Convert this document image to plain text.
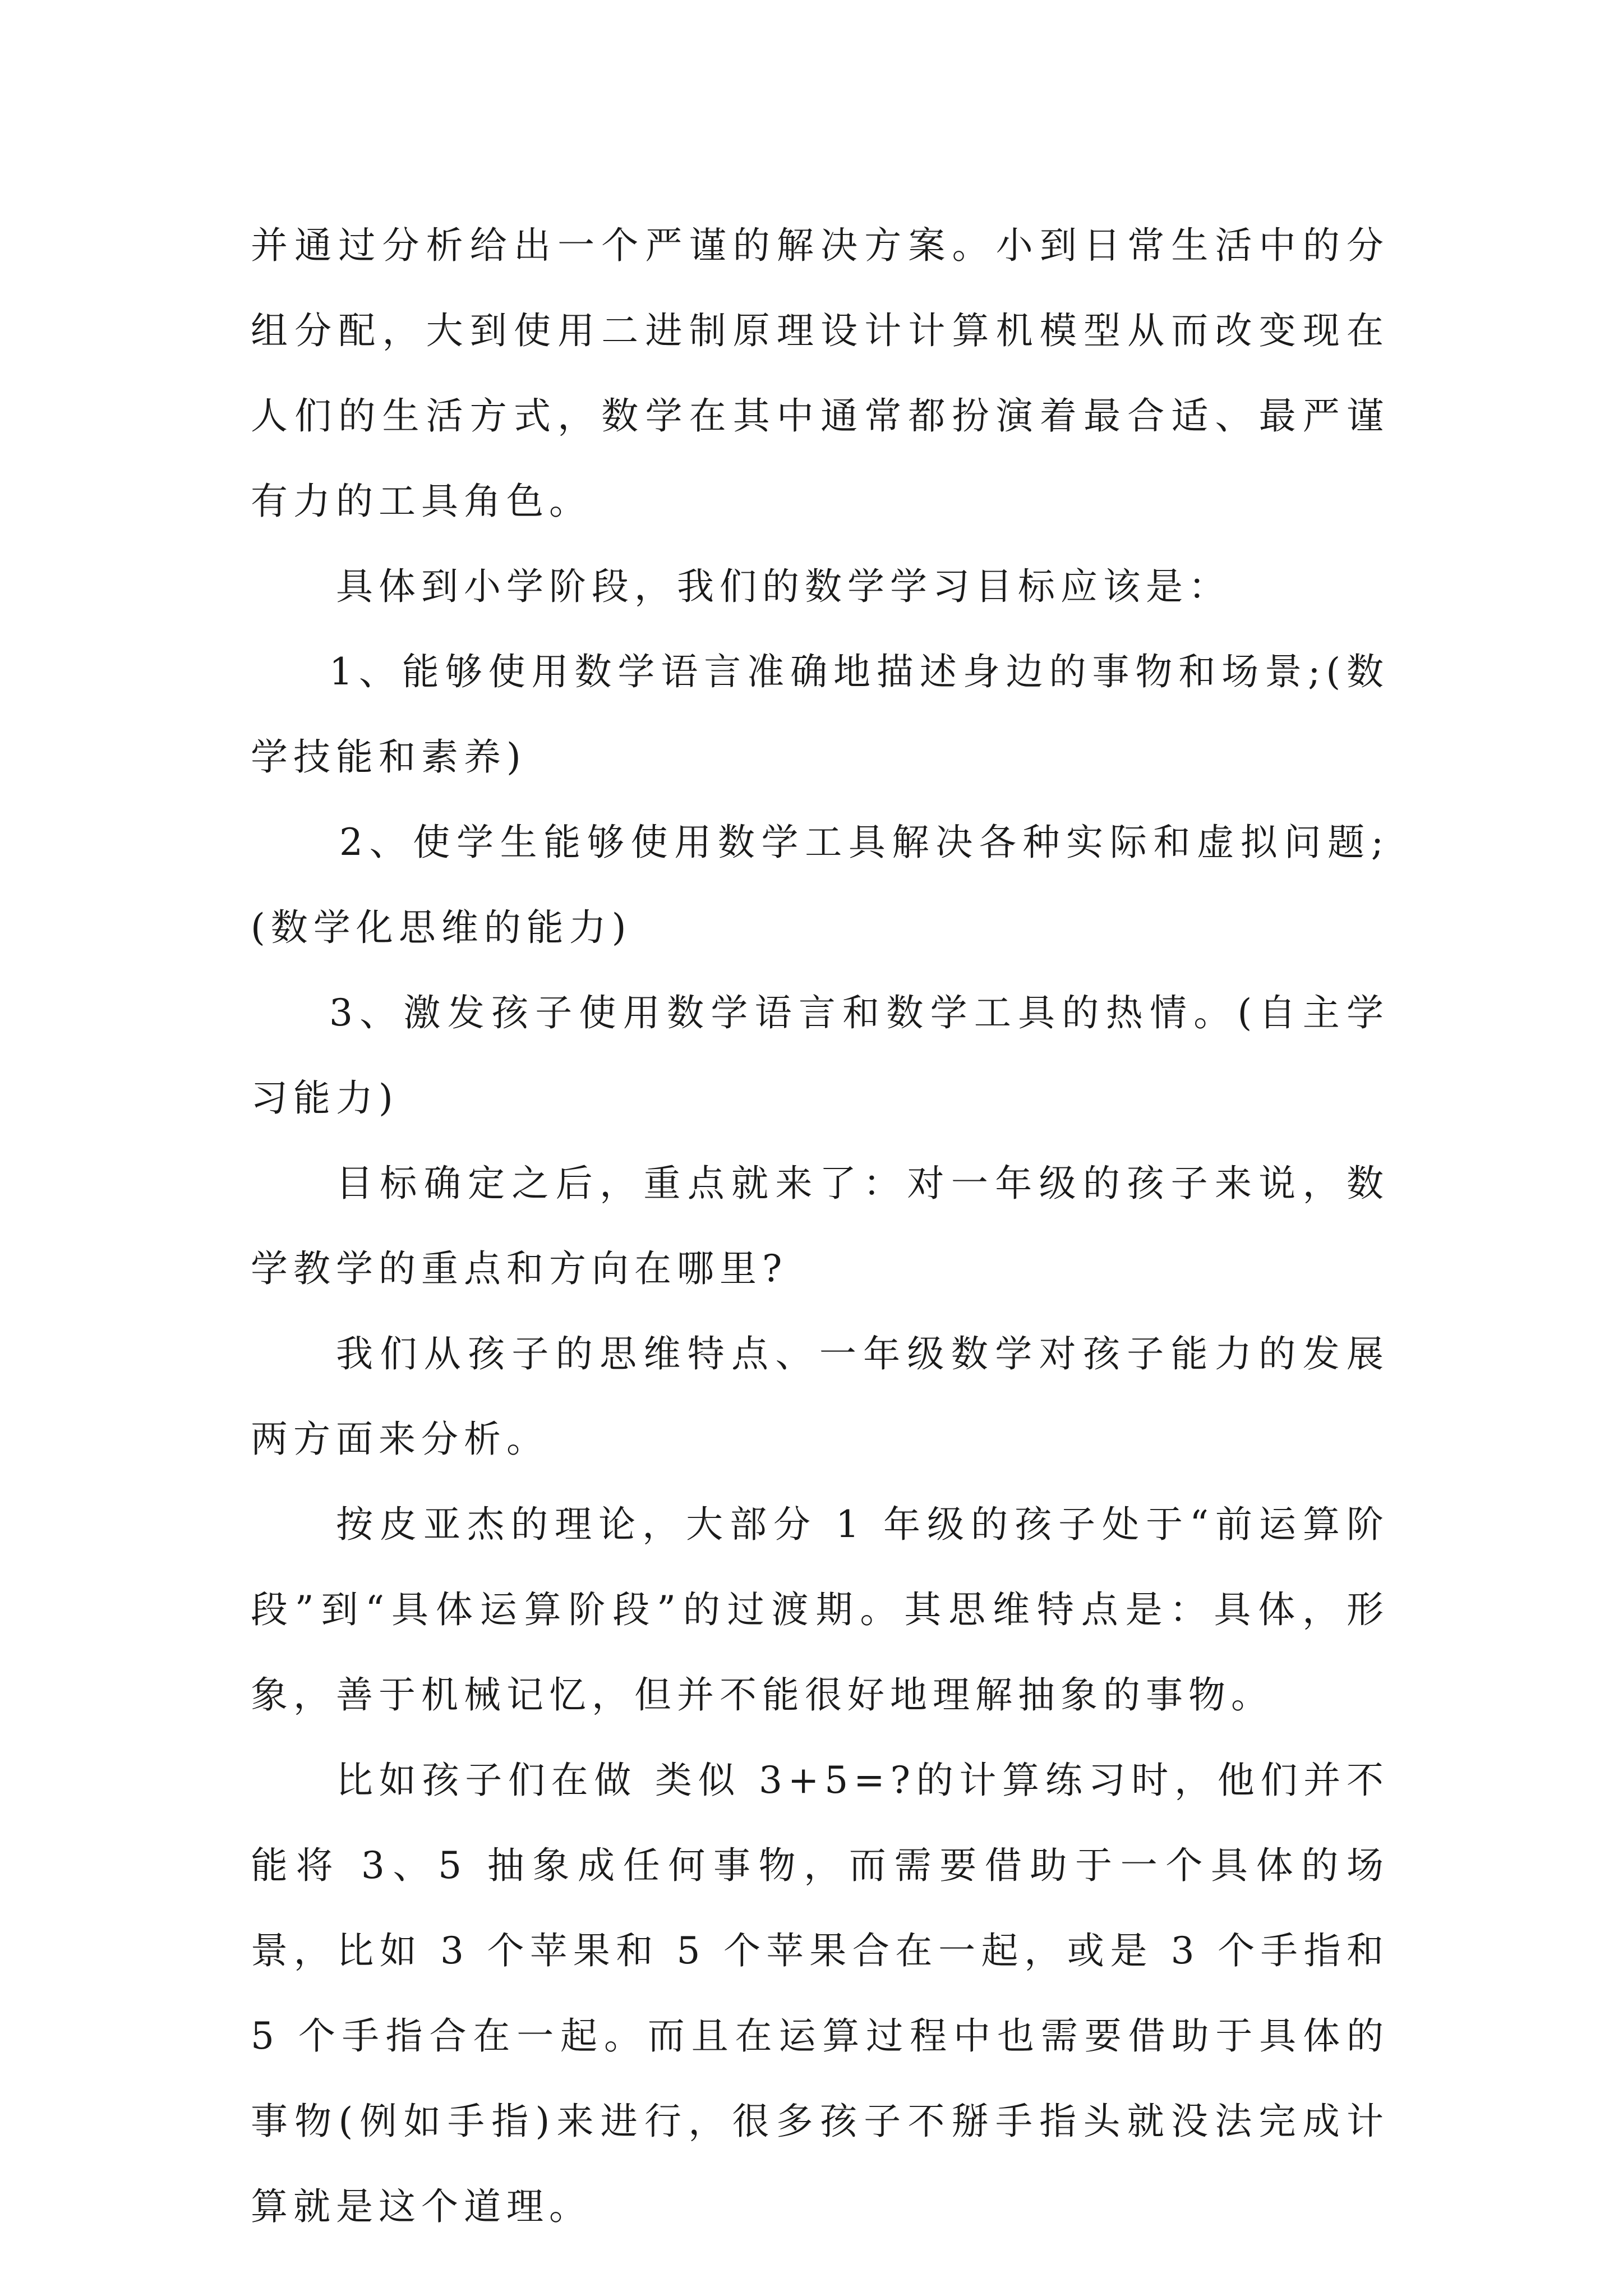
并通过分析给出一个严谨的解决方案。小到日常生活中的分组分配，大到使用二进制原理设计计算机模型从而改变现在人们的生活方式，数学在其中通常都扮演着最合适、最严谨有力的工具角色。

具体到小学阶段，我们的数学学习目标应该是：

1、能够使用数学语言准确地描述身边的事物和场景;(数学技能和素养)

2、使学生能够使用数学工具解决各种实际和虚拟问题;(数学化思维的能力)

3、激发孩子使用数学语言和数学工具的热情。(自主学习能力)

目标确定之后，重点就来了：对一年级的孩子来说，数学教学的重点和方向在哪里?

我们从孩子的思维特点、一年级数学对孩子能力的发展两方面来分析。

按皮亚杰的理论，大部分 1 年级的孩子处于“前运算阶段”到“具体运算阶段”的过渡期。其思维特点是：具体，形象，善于机械记忆，但并不能很好地理解抽象的事物。

比如孩子们在做 类似 3+5=?的计算练习时，他们并不能将 3、5 抽象成任何事物，而需要借助于一个具体的场景，比如 3 个苹果和 5 个苹果合在一起，或是 3 个手指和 5 个手指合在一起。而且在运算过程中也需要借助于具体的事物(例如手指)来进行，很多孩子不掰手指头就没法完成计算就是这个道理。
